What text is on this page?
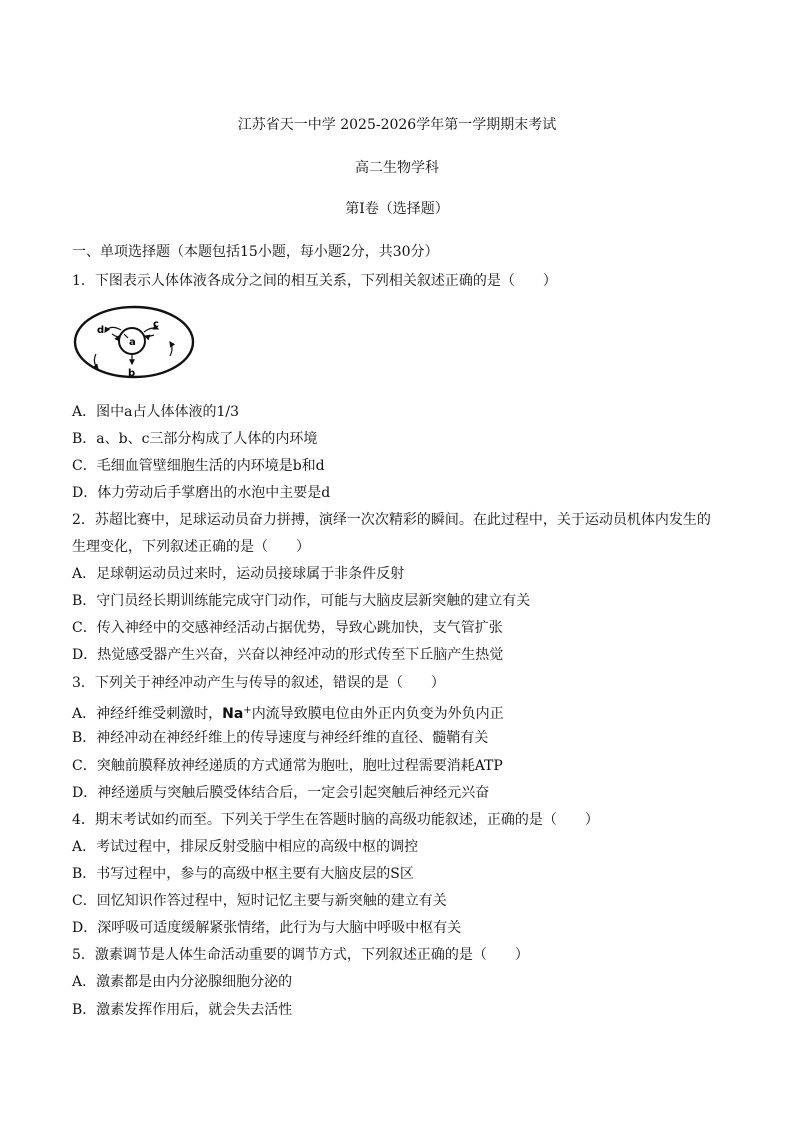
江苏省天一中学 2025-2026学年第一学期期末考试
高二生物学科
第Ⅰ卷（选择题）
一、单项选择题（本题包括15小题，每小题2分，共30分）
1．下图表示人体体液各成分之间的相互关系，下列相关叙述正确的是（　　）
d
a
c
b
A．图中a占人体体液的1/3
B．a、b、c三部分构成了人体的内环境
C．毛细血管壁细胞生活的内环境是b和d
D．体力劳动后手掌磨出的水泡中主要是d
2．苏超比赛中，足球运动员奋力拼搏，演绎一次次精彩的瞬间。在此过程中，关于运动员机体内发生的
生理变化，下列叙述正确的是（　　）
A．足球朝运动员过来时，运动员接球属于非条件反射
B．守门员经长期训练能完成守门动作，可能与大脑皮层新突触的建立有关
C．传入神经中的交感神经活动占据优势，导致心跳加快，支气管扩张
D．热觉感受器产生兴奋，兴奋以神经冲动的形式传至下丘脑产生热觉
3．下列关于神经冲动产生与传导的叙述，错误的是（　　）
A．神经纤维受刺激时，Na+内流导致膜电位由外正内负变为外负内正
B．神经冲动在神经纤维上的传导速度与神经纤维的直径、髓鞘有关
C．突触前膜释放神经递质的方式通常为胞吐，胞吐过程需要消耗ATP
D．神经递质与突触后膜受体结合后，一定会引起突触后神经元兴奋
4．期末考试如约而至。下列关于学生在答题时脑的高级功能叙述，正确的是（　　）
A．考试过程中，排尿反射受脑中相应的高级中枢的调控
B．书写过程中，参与的高级中枢主要有大脑皮层的S区
C．回忆知识作答过程中，短时记忆主要与新突触的建立有关
D．深呼吸可适度缓解紧张情绪，此行为与大脑中呼吸中枢有关
5．激素调节是人体生命活动重要的调节方式，下列叙述正确的是（　　）
A．激素都是由内分泌腺细胞分泌的
B．激素发挥作用后，就会失去活性
